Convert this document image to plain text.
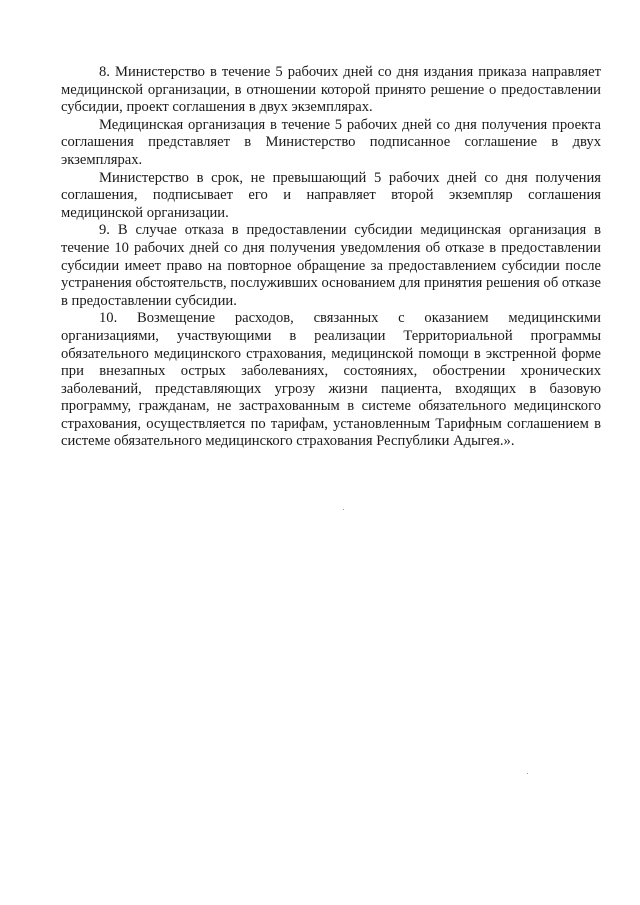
8. Министерство в течение 5 рабочих дней со дня издания приказа направляет медицинской организации, в отношении которой принято решение о предоставлении субсидии, проект соглашения в двух экземплярах.

Медицинская организация в течение 5 рабочих дней со дня получения проекта соглашения представляет в Министерство подписанное соглашение в двух экземплярах.

Министерство в срок, не превышающий 5 рабочих дней со дня получения соглашения, подписывает его и направляет второй экземпляр соглашения медицинской организации.

9. В случае отказа в предоставлении субсидии медицинская организация в течение 10 рабочих дней со дня получения уведомления об отказе в предоставлении субсидии имеет право на повторное обращение за предоставлением субсидии после устранения обстоятельств, послуживших основанием для принятия решения об отказе в предоставлении субсидии.

10. Возмещение расходов, связанных с оказанием медицинскими организациями, участвующими в реализации Территориальной программы обязательного медицинского страхования, медицинской помощи в экстренной форме при внезапных острых заболеваниях, состояниях, обострении хронических заболеваний, представляющих угрозу жизни пациента, входящих в базовую программу, гражданам, не застрахованным в системе обязательного медицинского страхования, осуществляется по тарифам, установленным Тарифным соглашением в системе обязательного медицинского страхования Республики Адыгея.».
